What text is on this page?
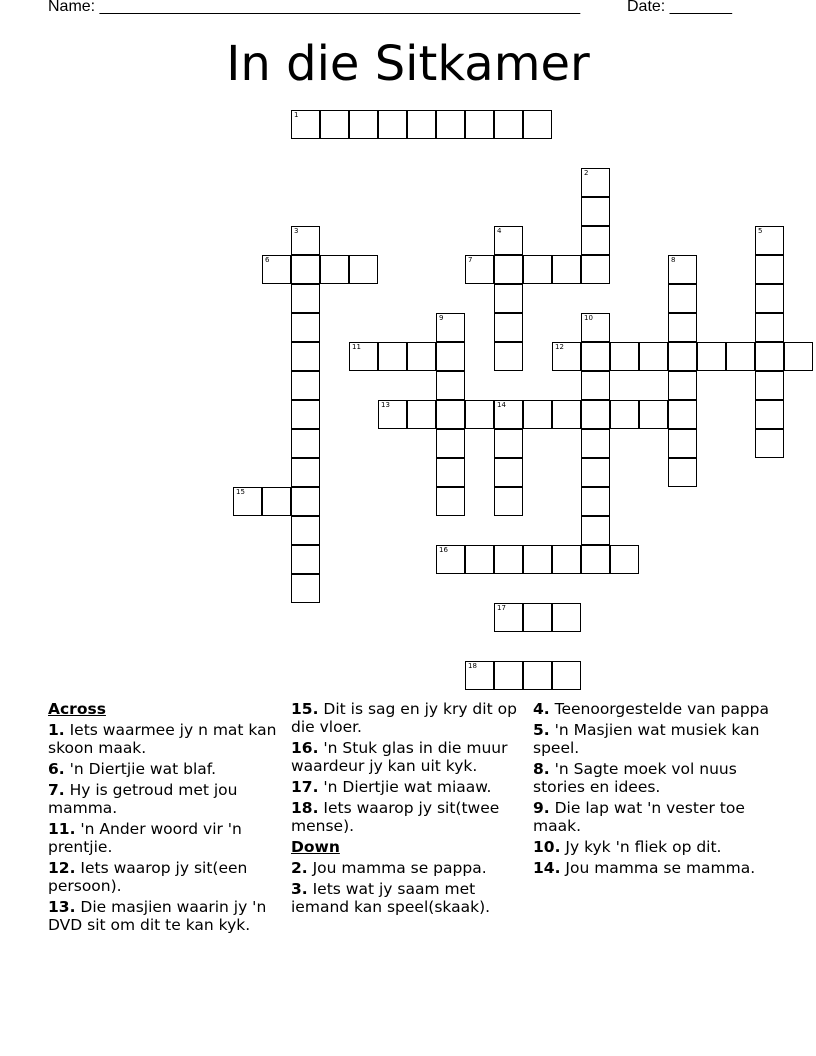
Name: ______________________________________________________	Date: _______
In die Sitkamer
1
2
3	4	5
6	7	8
9	10
11	12
13	14
15
16
17
18
Across
1. Iets waarmee jy n mat kan skoon maak.
6. 'n Diertjie wat blaf.
7. Hy is getroud met jou mamma.
11. 'n Ander woord vir 'n prentjie.
12. Iets waarop jy sit(een persoon).
13. Die masjien waarin jy 'n DVD sit om dit te kan kyk.
15. Dit is sag en jy kry dit op die vloer.
16. 'n Stuk glas in die muur waardeur jy kan uit kyk.
17. 'n Diertjie wat miaaw.
18. Iets waarop jy sit(twee mense).
Down
2. Jou mamma se pappa.
3. Iets wat jy saam met iemand kan speel(skaak).
4. Teenoorgestelde van pappa
5. 'n Masjien wat musiek kan speel.
8. 'n Sagte moek vol nuus stories en idees.
9. Die lap wat 'n vester toe maak.
10. Jy kyk 'n fliek op dit.
14. Jou mamma se mamma.
